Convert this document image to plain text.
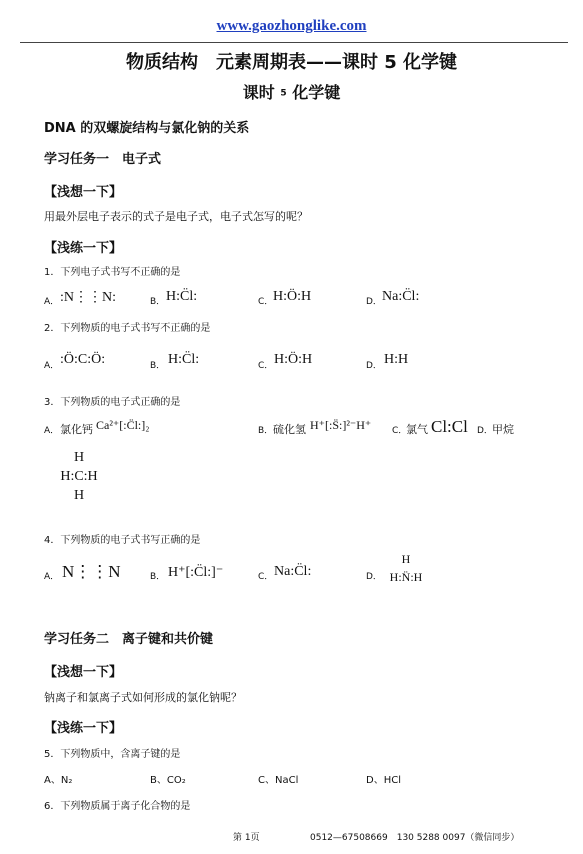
www.gaozhonglike.com
物质结构　元素周期表——课时 5 化学键
课时 5 化学键
DNA 的双螺旋结构与氯化钠的关系
学习任务一　电子式
【浅想一下】
用最外层电子表示的式子是电子式，电子式怎写的呢？
【浅练一下】
1．下列电子式书写不正确的是
A． :N⋮⋮N:	B． H:C̈l:	C． H:Ö:H	D． Na:C̈l:
2．下列物质的电子式书写不正确的是
A． :Ö:C:Ö:	B． H:C̈l:	C． H:Ö:H	D． H:H
3．下列物质的电子式正确的是
A． 氯化钙 Ca²⁺[:C̈l:]₂	B． 硫化氢 H⁺[:S̈:]²⁻H⁺ C．
氯气 Cl:Cl D． 甲烷
H
H:C:H
H
4．下列物质的电子式书写正确的是
A． N⋮⋮N	B． H⁺[:C̈l:]⁻	C． Na:C̈l:	D．
H
H:N̈:H
学习任务二　离子键和共价键
【浅想一下】
钠离子和氯离子式如何形成的氯化钠呢？
【浅练一下】
5．下列物质中，含离子键的是
A、N₂	B、CO₂	C、NaCl	D、HCl
6．下列物质属于离子化合物的是
第 1页	0512—67508669　130 5288 0097（微信同步）
